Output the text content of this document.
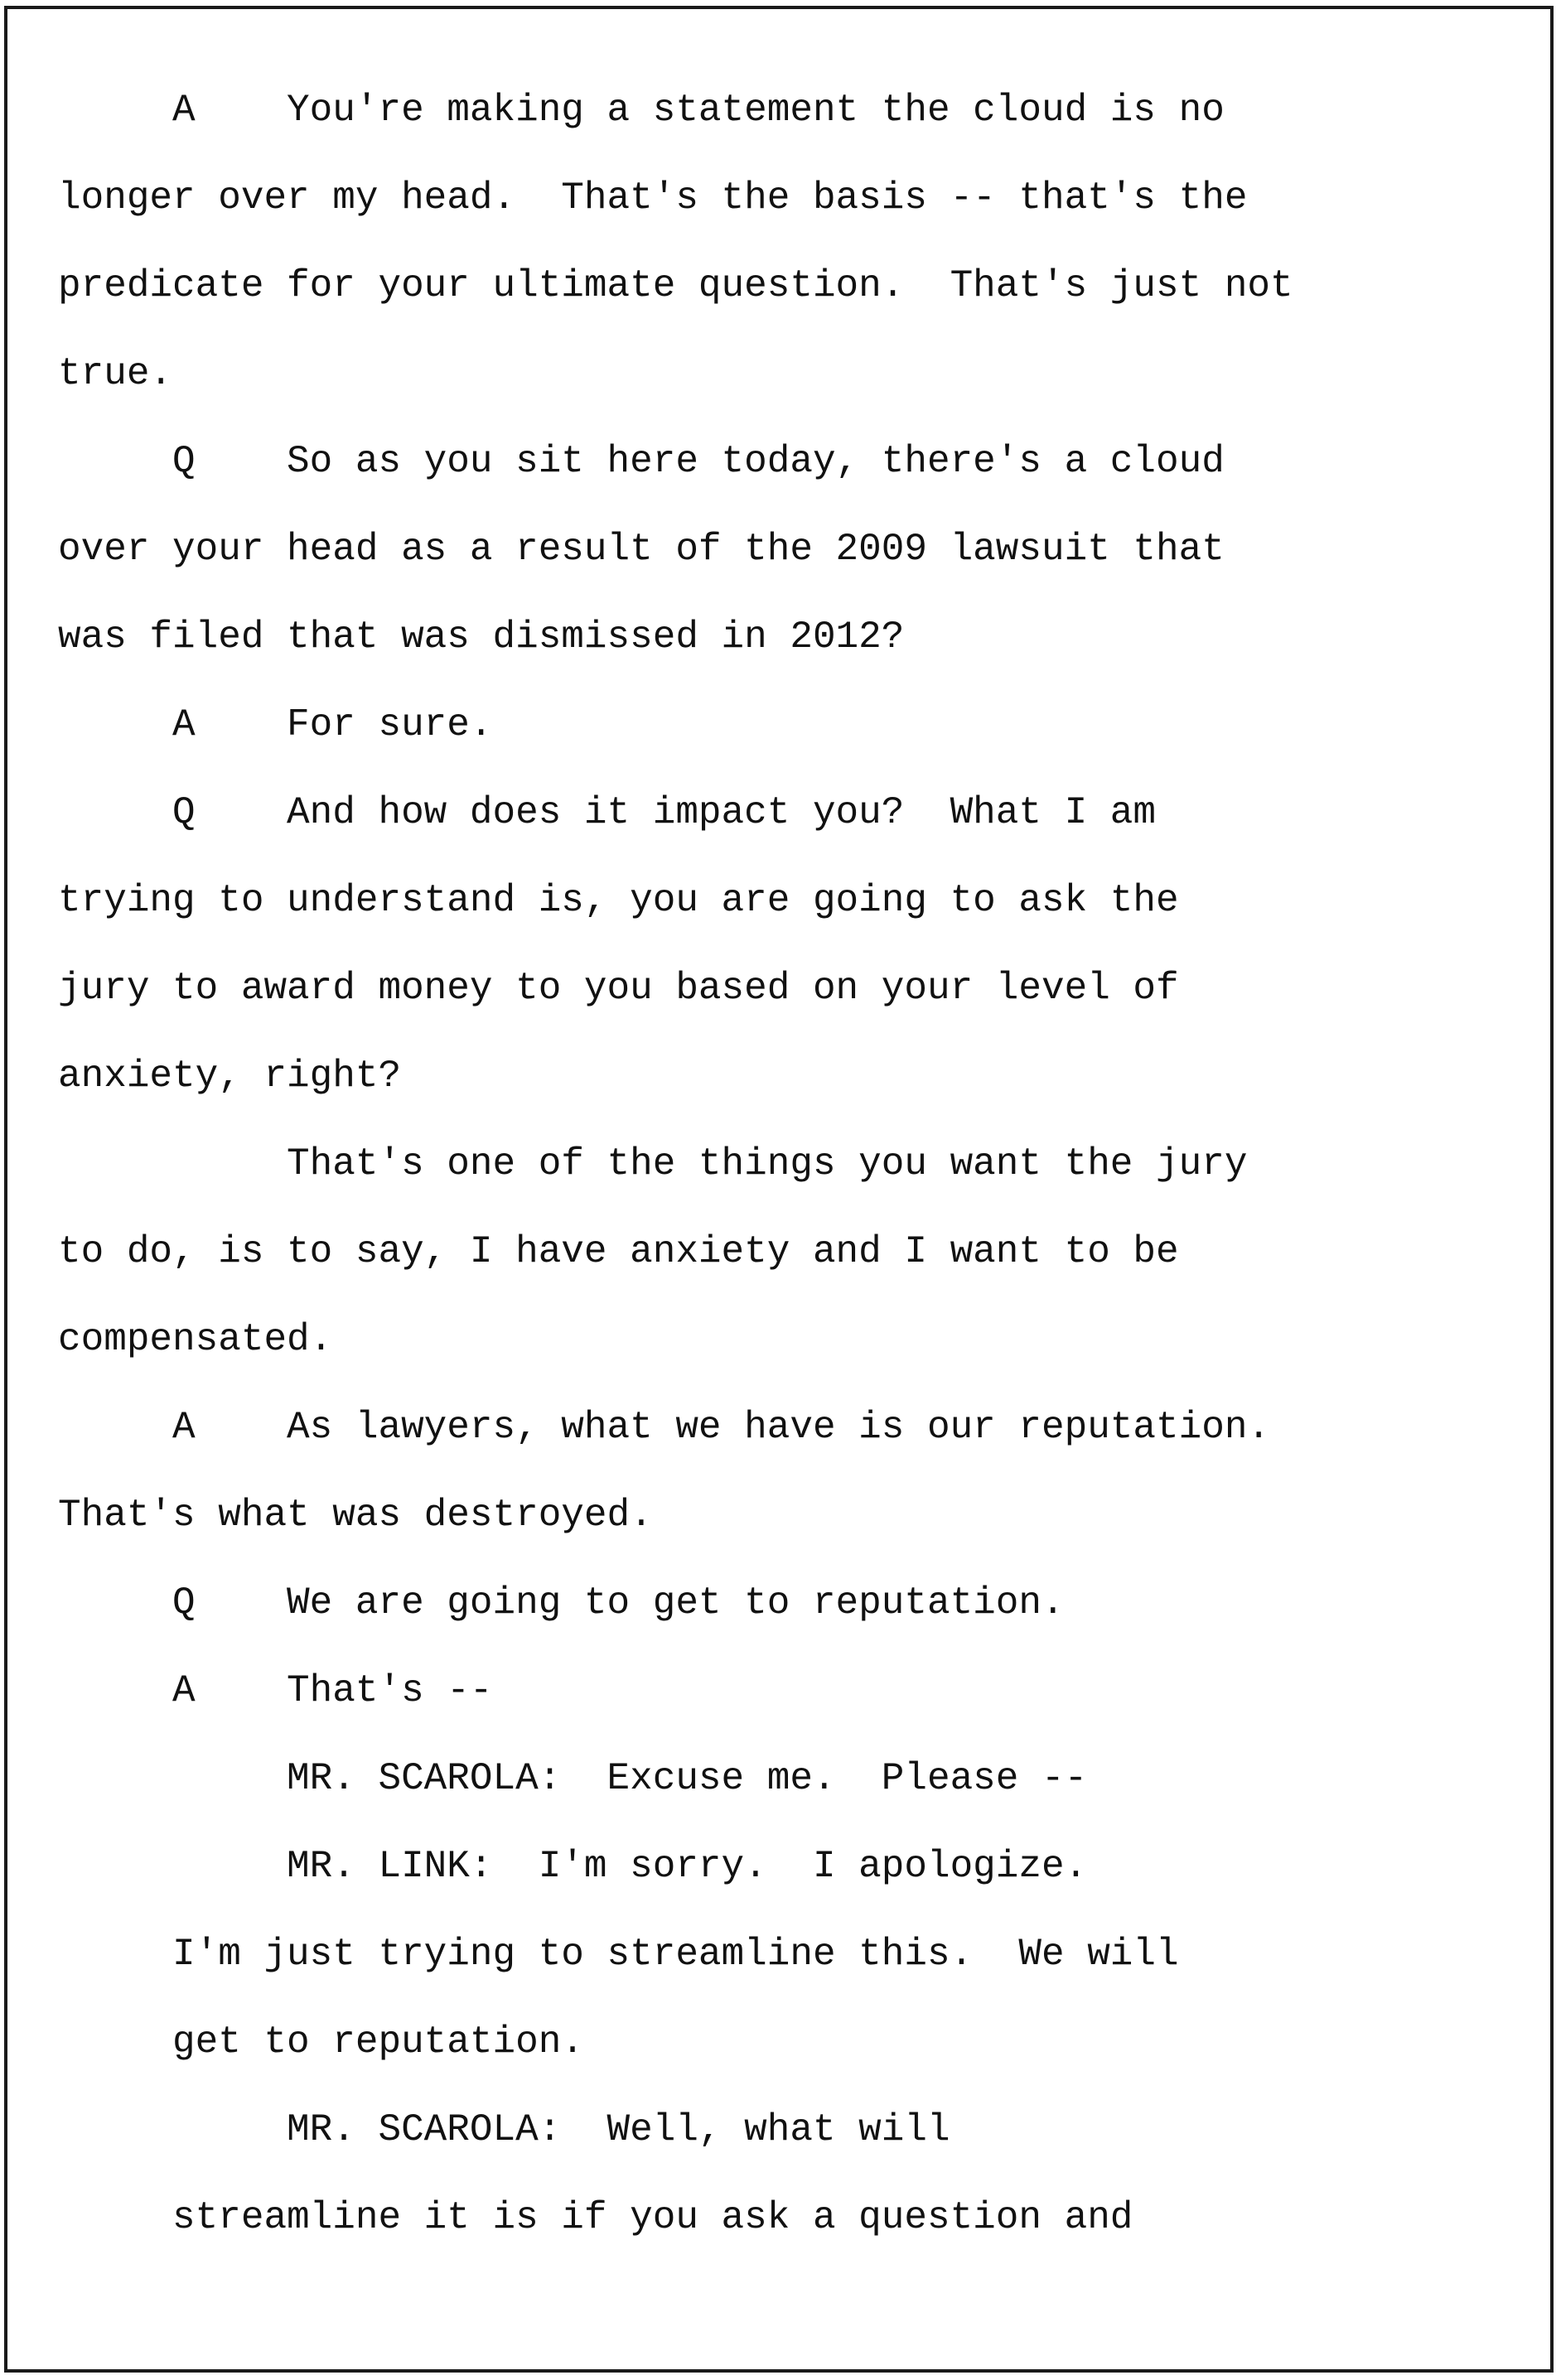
A    You're making a statement the cloud is no

longer over my head.  That's the basis -- that's the

predicate for your ultimate question.  That's just not

true.

Q    So as you sit here today, there's a cloud

over your head as a result of the 2009 lawsuit that

was filed that was dismissed in 2012?

A    For sure.

Q    And how does it impact you?  What I am

trying to understand is, you are going to ask the

jury to award money to you based on your level of

anxiety, right?

That's one of the things you want the jury

to do, is to say, I have anxiety and I want to be

compensated.

A    As lawyers, what we have is our reputation.

That's what was destroyed.

Q    We are going to get to reputation.

A    That's --

MR. SCAROLA:  Excuse me.  Please --

MR. LINK:  I'm sorry.  I apologize.

I'm just trying to streamline this.  We will

get to reputation.

MR. SCAROLA:  Well, what will

streamline it is if you ask a question and
